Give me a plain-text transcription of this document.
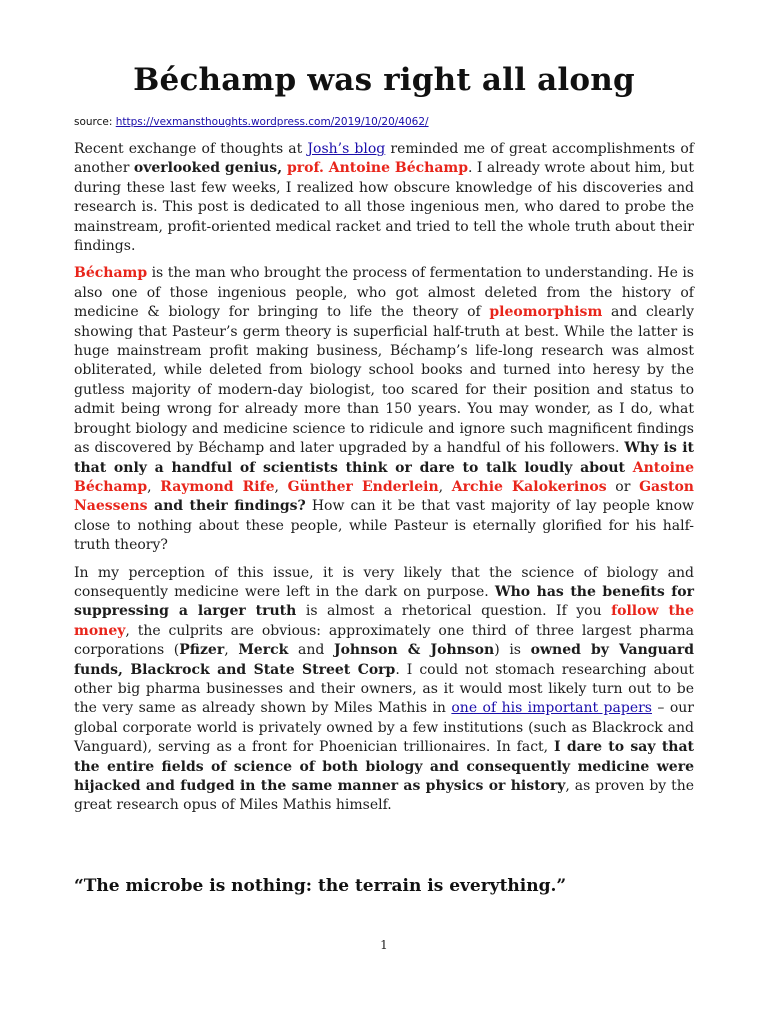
Béchamp was right all along
source: https://vexmansthoughts.wordpress.com/2019/10/20/4062/

Recent exchange of thoughts at Josh’s blog reminded me of great accomplishments of another overlooked genius, prof. Antoine Béchamp. I already wrote about him, but during these last few weeks, I realized how obscure knowledge of his discoveries and research is. This post is dedicated to all those ingenious men, who dared to probe the mainstream, profit-oriented medical racket and tried to tell the whole truth about their findings.

Béchamp is the man who brought the process of fermentation to understanding. He is also one of those ingenious people, who got almost deleted from the history of medicine & biology for bringing to life the theory of pleomorphism and clearly showing that Pasteur’s germ theory is superficial half-truth at best. While the latter is huge mainstream profit making business, Béchamp’s life-long research was almost obliterated, while deleted from biology school books and turned into heresy by the gutless majority of modern-day biologist, too scared for their position and status to admit being wrong for already more than 150 years. You may wonder, as I do, what brought biology and medicine science to ridicule and ignore such magnificent findings as discovered by Béchamp and later upgraded by a handful of his followers. Why is it that only a handful of scientists think or dare to talk loudly about Antoine Béchamp, Raymond Rife, Günther Enderlein, Archie Kalokerinos or Gaston Naessens and their findings? How can it be that vast majority of lay people know close to nothing about these people, while Pasteur is eternally glorified for his half-truth theory?

In my perception of this issue, it is very likely that the science of biology and consequently medicine were left in the dark on purpose. Who has the benefits for suppressing a larger truth is almost a rhetorical question. If you follow the money, the culprits are obvious: approximately one third of three largest pharma corporations (Pfizer, Merck and Johnson & Johnson) is owned by Vanguard funds, Blackrock and State Street Corp. I could not stomach researching about other big pharma businesses and their owners, as it would most likely turn out to be the very same as already shown by Miles Mathis in one of his important papers – our global corporate world is privately owned by a few institutions (such as Blackrock and Vanguard), serving as a front for Phoenician trillionaires. In fact, I dare to say that the entire fields of science of both biology and consequently medicine were hijacked and fudged in the same manner as physics or history, as proven by the great research opus of Miles Mathis himself.

“The microbe is nothing: the terrain is everything.”
1
